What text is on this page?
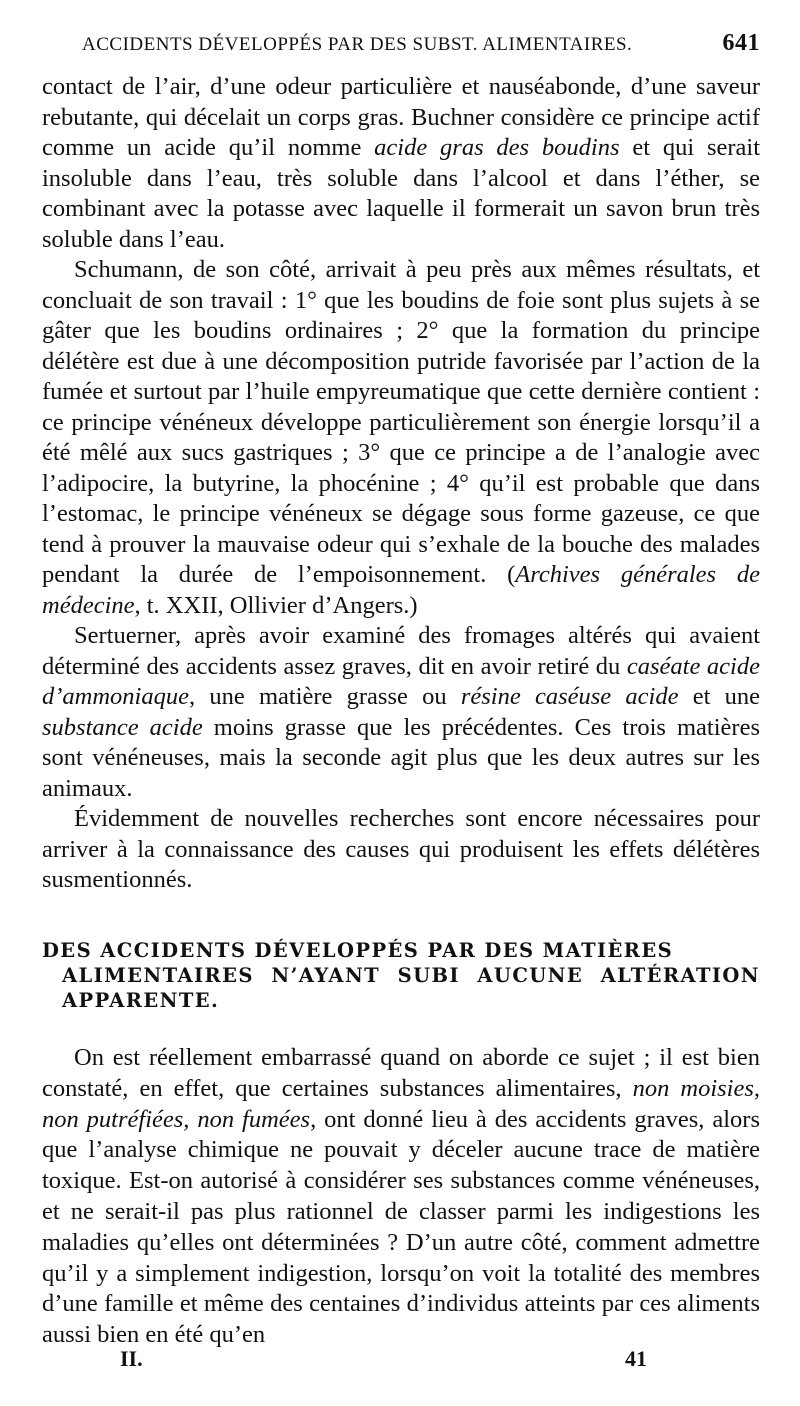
ACCIDENTS DÉVELOPPÉS PAR DES SUBST. ALIMENTAIRES.	641

contact de l’air, d’une odeur particulière et nauséabonde, d’une saveur rebutante, qui décelait un corps gras. Buchner considère ce principe actif comme un acide qu’il nomme acide gras des boudins et qui serait insoluble dans l’eau, très soluble dans l’alcool et dans l’éther, se combinant avec la potasse avec laquelle il formerait un savon brun très soluble dans l’eau.

Schumann, de son côté, arrivait à peu près aux mêmes résultats, et concluait de son travail : 1° que les boudins de foie sont plus sujets à se gâter que les boudins ordinaires ; 2° que la formation du principe délétère est due à une décomposition putride favorisée par l’action de la fumée et surtout par l’huile empyreumatique que cette dernière contient : ce principe vénéneux développe particulièrement son énergie lorsqu’il a été mêlé aux sucs gastriques ; 3° que ce principe a de l’analogie avec l’adipocire, la butyrine, la phocénine ; 4° qu’il est probable que dans l’estomac, le principe vénéneux se dégage sous forme gazeuse, ce que tend à prouver la mauvaise odeur qui s’exhale de la bouche des malades pendant la durée de l’empoisonnement. (Archives générales de médecine, t. XXII, Ollivier d’Angers.)

Sertuerner, après avoir examiné des fromages altérés qui avaient déterminé des accidents assez graves, dit en avoir retiré du caséate acide d’ammoniaque, une matière grasse ou résine caséuse acide et une substance acide moins grasse que les précédentes. Ces trois matières sont vénéneuses, mais la seconde agit plus que les deux autres sur les animaux.

Évidemment de nouvelles recherches sont encore nécessaires pour arriver à la connaissance des causes qui produisent les effets délétères susmentionnés.

DES ACCIDENTS DÉVELOPPÉS PAR DES MATIÈRES
ALIMENTAIRES N’AYANT SUBI AUCUNE ALTÉRATION APPARENTE.

On est réellement embarrassé quand on aborde ce sujet ; il est bien constaté, en effet, que certaines substances alimentaires, non moisies, non putréfiées, non fumées, ont donné lieu à des accidents graves, alors que l’analyse chimique ne pouvait y déceler aucune trace de matière toxique. Est-on autorisé à considérer ses substances comme vénéneuses, et ne serait-il pas plus rationnel de classer parmi les indigestions les maladies qu’elles ont déterminées ? D’un autre côté, comment admettre qu’il y a simplement indigestion, lorsqu’on voit la totalité des membres d’une famille et même des centaines d’individus atteints par ces aliments aussi bien en été qu’en

II.	41
